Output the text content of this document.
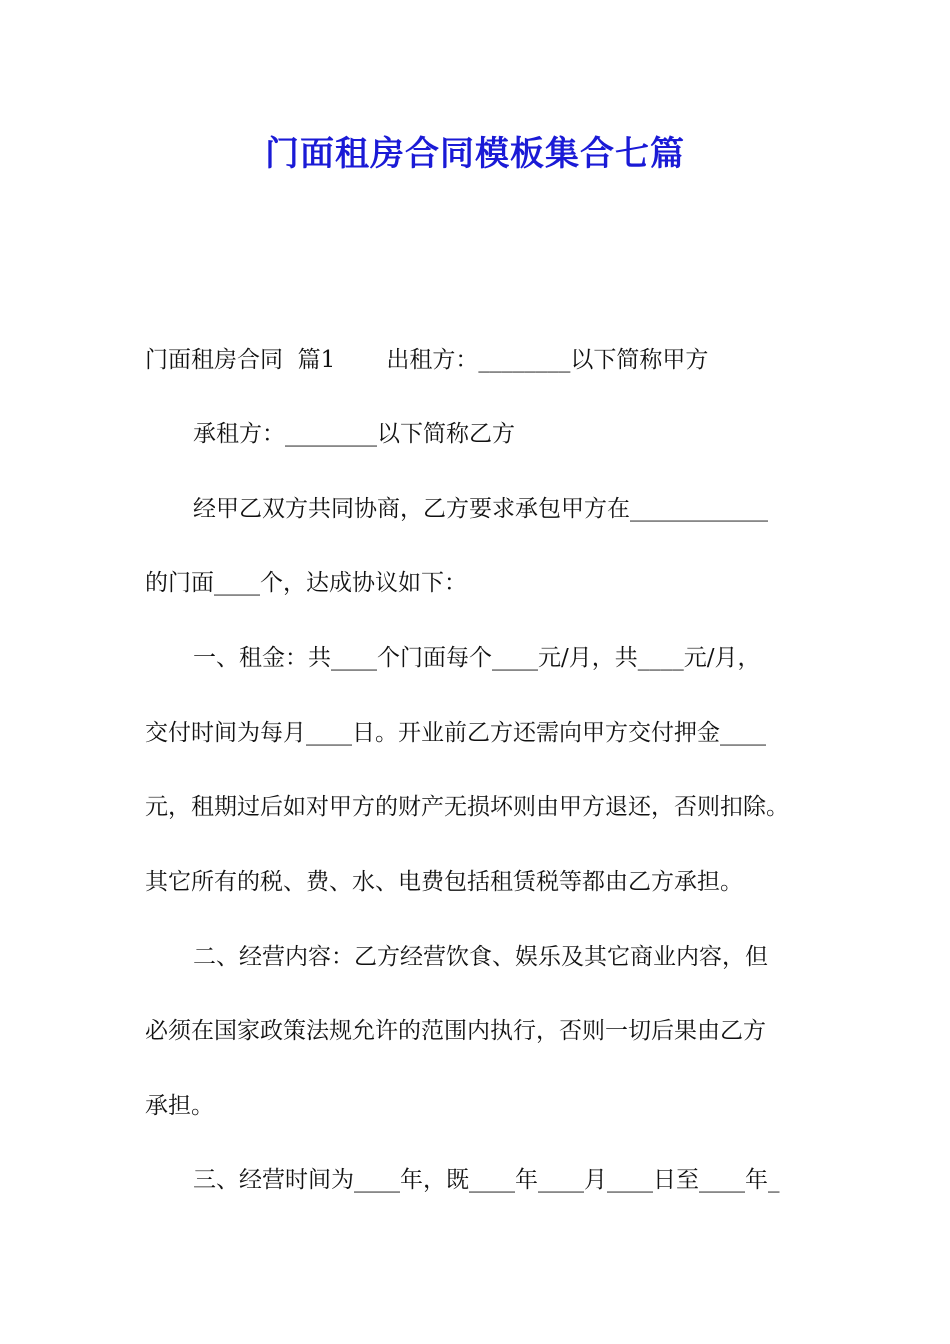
门面租房合同模板集合七篇
门面租房合同  篇1       出租方：________以下简称甲方
承租方：________以下简称乙方
经甲乙双方共同协商，乙方要求承包甲方在____________
的门面____个，达成协议如下：
一、租金：共____个门面每个____元/月，共____元/月，
交付时间为每月____日。开业前乙方还需向甲方交付押金____
元，租期过后如对甲方的财产无损坏则由甲方退还，否则扣除。
其它所有的税、费、水、电费包括租赁税等都由乙方承担。
二、经营内容：乙方经营饮食、娱乐及其它商业内容，但
必须在国家政策法规允许的范围内执行，否则一切后果由乙方
承担。
三、经营时间为____年，既____年____月____日至____年_
